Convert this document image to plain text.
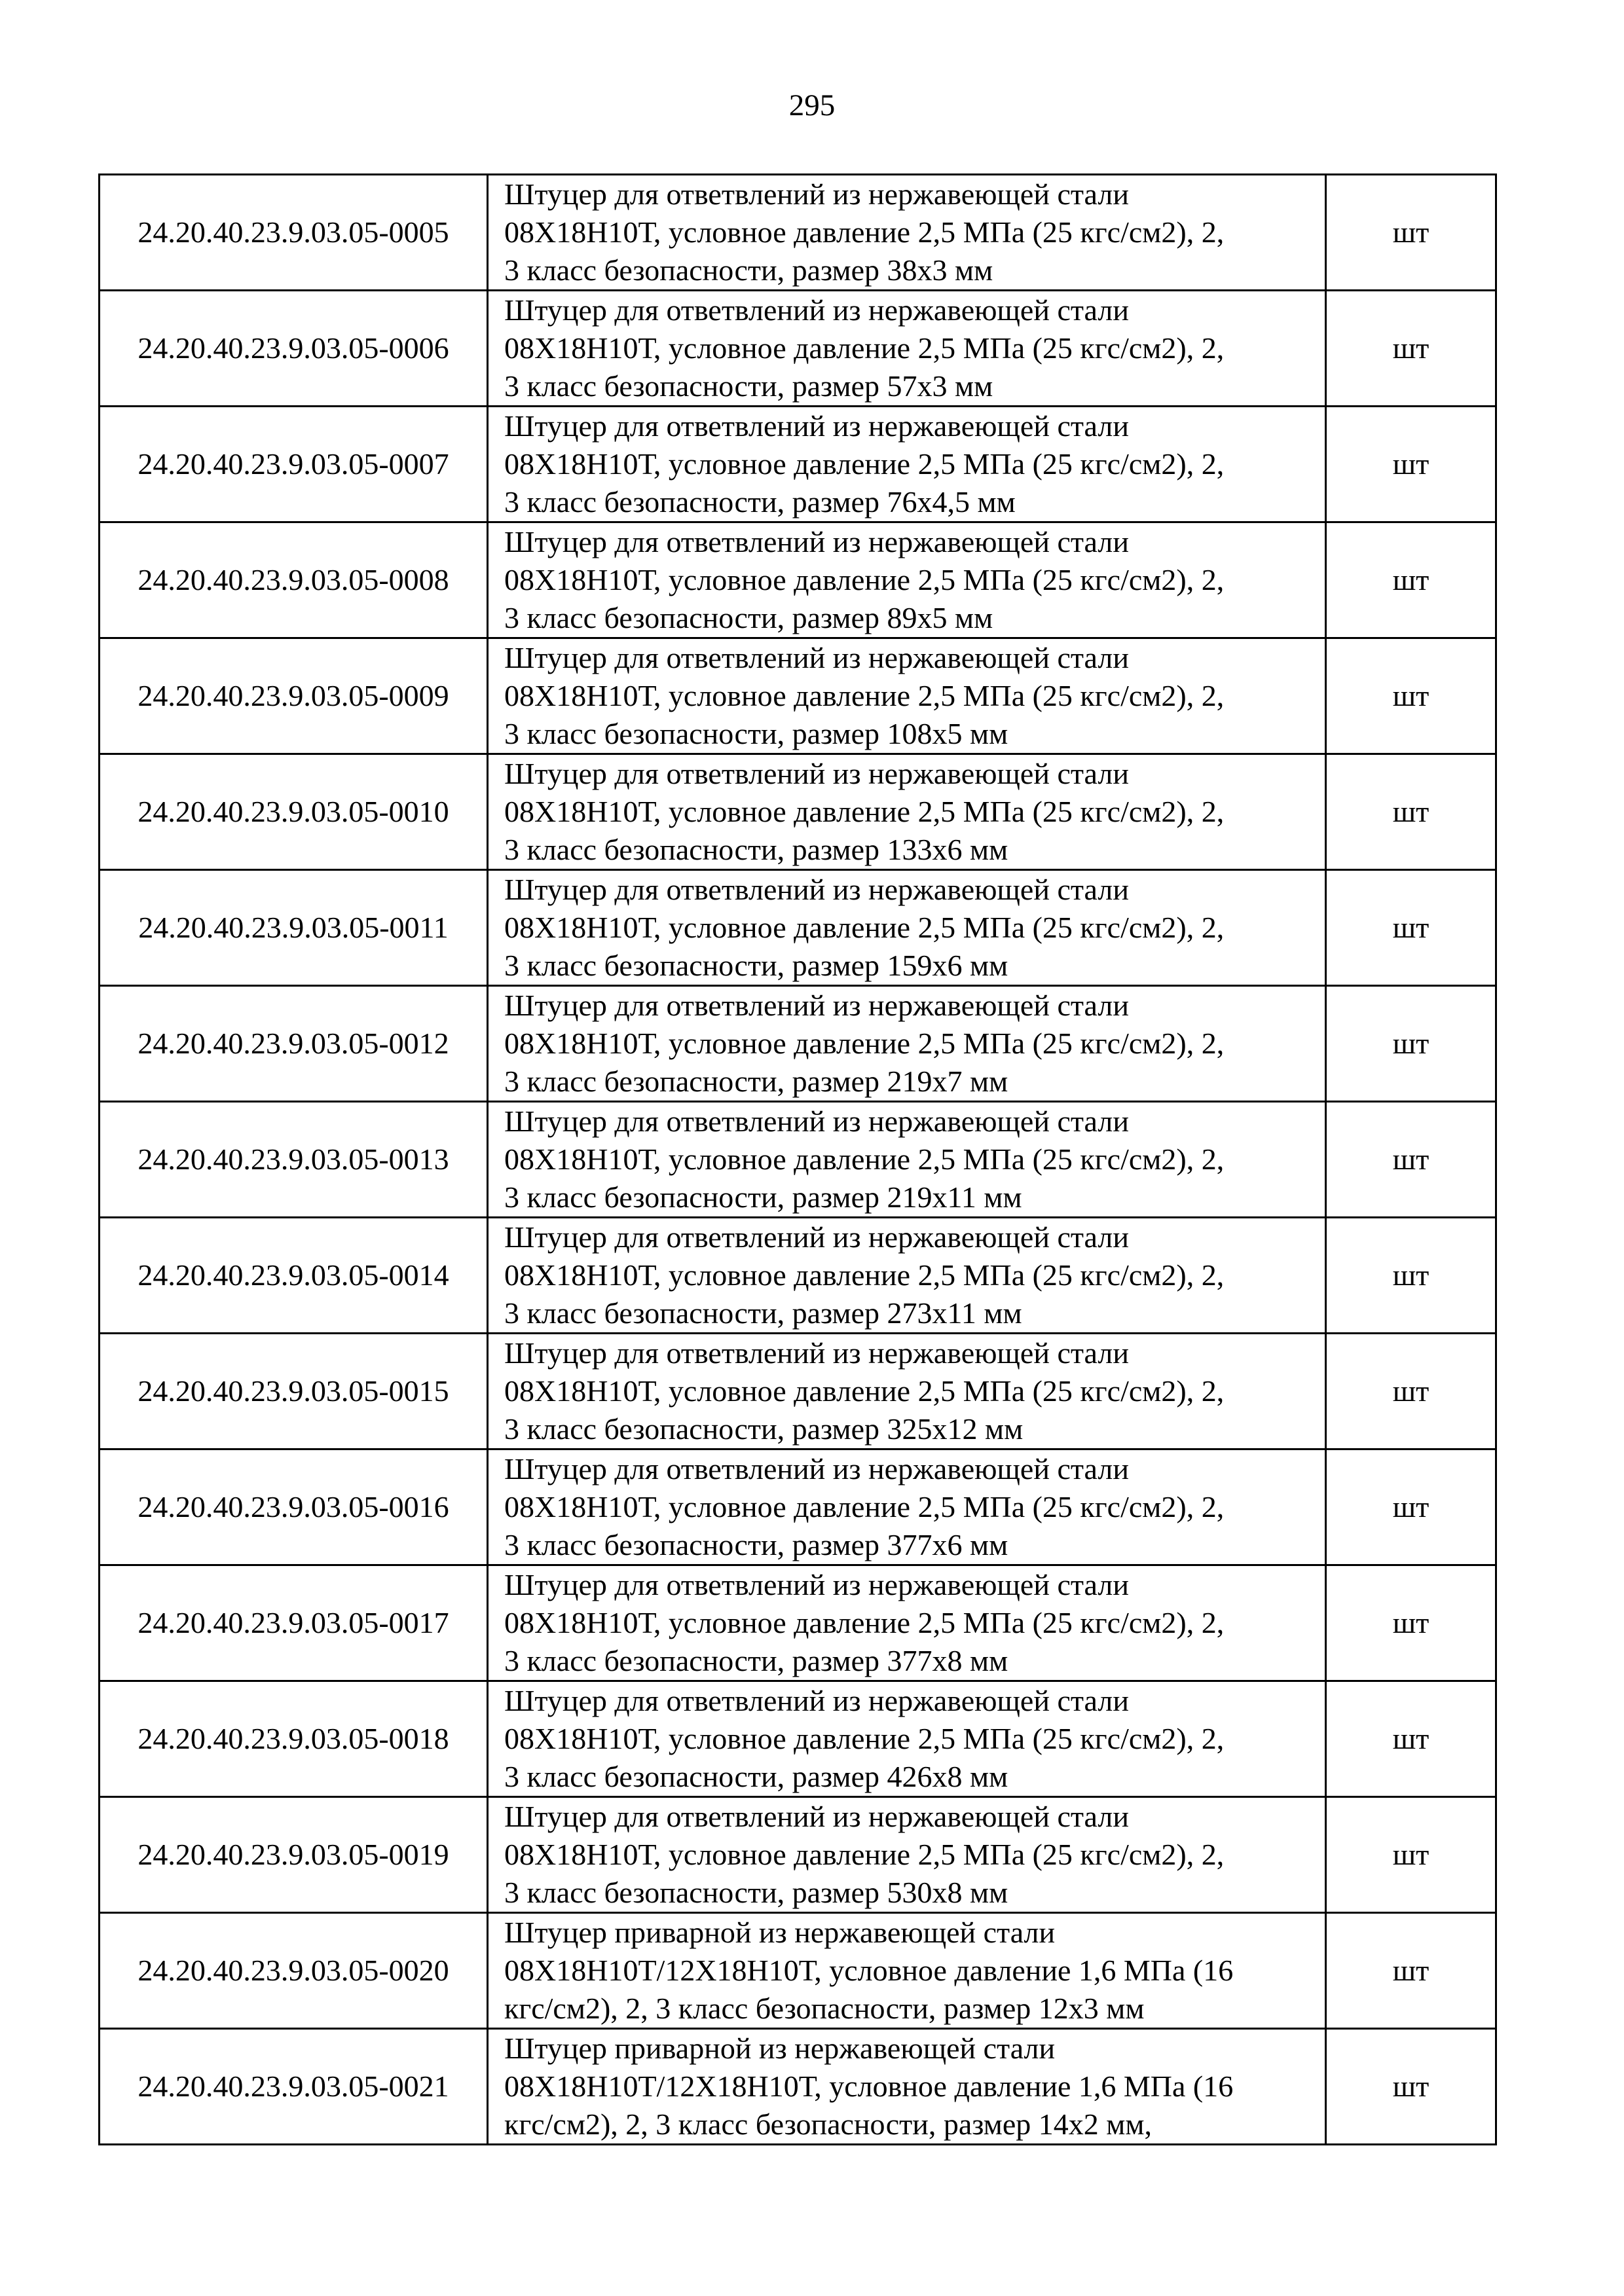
295
24.20.40.23.9.03.05-0005	Штуцер для ответвлений из нержавеющей стали
08Х18Н10Т, условное давление 2,5 МПа (25 кгс/см2), 2,
3 класс безопасности, размер 38х3 мм	шт
24.20.40.23.9.03.05-0006	Штуцер для ответвлений из нержавеющей стали
08Х18Н10Т, условное давление 2,5 МПа (25 кгс/см2), 2,
3 класс безопасности, размер 57х3 мм	шт
24.20.40.23.9.03.05-0007	Штуцер для ответвлений из нержавеющей стали
08Х18Н10Т, условное давление 2,5 МПа (25 кгс/см2), 2,
3 класс безопасности, размер 76х4,5 мм	шт
24.20.40.23.9.03.05-0008	Штуцер для ответвлений из нержавеющей стали
08Х18Н10Т, условное давление 2,5 МПа (25 кгс/см2), 2,
3 класс безопасности, размер 89х5 мм	шт
24.20.40.23.9.03.05-0009	Штуцер для ответвлений из нержавеющей стали
08Х18Н10Т, условное давление 2,5 МПа (25 кгс/см2), 2,
3 класс безопасности, размер 108х5 мм	шт
24.20.40.23.9.03.05-0010	Штуцер для ответвлений из нержавеющей стали
08Х18Н10Т, условное давление 2,5 МПа (25 кгс/см2), 2,
3 класс безопасности, размер 133х6 мм	шт
24.20.40.23.9.03.05-0011	Штуцер для ответвлений из нержавеющей стали
08Х18Н10Т, условное давление 2,5 МПа (25 кгс/см2), 2,
3 класс безопасности, размер 159х6 мм	шт
24.20.40.23.9.03.05-0012	Штуцер для ответвлений из нержавеющей стали
08Х18Н10Т, условное давление 2,5 МПа (25 кгс/см2), 2,
3 класс безопасности, размер 219х7 мм	шт
24.20.40.23.9.03.05-0013	Штуцер для ответвлений из нержавеющей стали
08Х18Н10Т, условное давление 2,5 МПа (25 кгс/см2), 2,
3 класс безопасности, размер 219х11 мм	шт
24.20.40.23.9.03.05-0014	Штуцер для ответвлений из нержавеющей стали
08Х18Н10Т, условное давление 2,5 МПа (25 кгс/см2), 2,
3 класс безопасности, размер 273х11 мм	шт
24.20.40.23.9.03.05-0015	Штуцер для ответвлений из нержавеющей стали
08Х18Н10Т, условное давление 2,5 МПа (25 кгс/см2), 2,
3 класс безопасности, размер 325х12 мм	шт
24.20.40.23.9.03.05-0016	Штуцер для ответвлений из нержавеющей стали
08Х18Н10Т, условное давление 2,5 МПа (25 кгс/см2), 2,
3 класс безопасности, размер 377х6 мм	шт
24.20.40.23.9.03.05-0017	Штуцер для ответвлений из нержавеющей стали
08Х18Н10Т, условное давление 2,5 МПа (25 кгс/см2), 2,
3 класс безопасности, размер 377х8 мм	шт
24.20.40.23.9.03.05-0018	Штуцер для ответвлений из нержавеющей стали
08Х18Н10Т, условное давление 2,5 МПа (25 кгс/см2), 2,
3 класс безопасности, размер 426х8 мм	шт
24.20.40.23.9.03.05-0019	Штуцер для ответвлений из нержавеющей стали
08Х18Н10Т, условное давление 2,5 МПа (25 кгс/см2), 2,
3 класс безопасности, размер 530х8 мм	шт
24.20.40.23.9.03.05-0020	Штуцер приварной из нержавеющей стали
08Х18Н10Т/12Х18Н10Т, условное давление 1,6 МПа (16
кгс/см2), 2, 3 класс безопасности, размер 12х3 мм	шт
24.20.40.23.9.03.05-0021	Штуцер приварной из нержавеющей стали
08Х18Н10Т/12Х18Н10Т, условное давление 1,6 МПа (16
кгс/см2), 2, 3 класс безопасности, размер 14х2 мм,	шт
